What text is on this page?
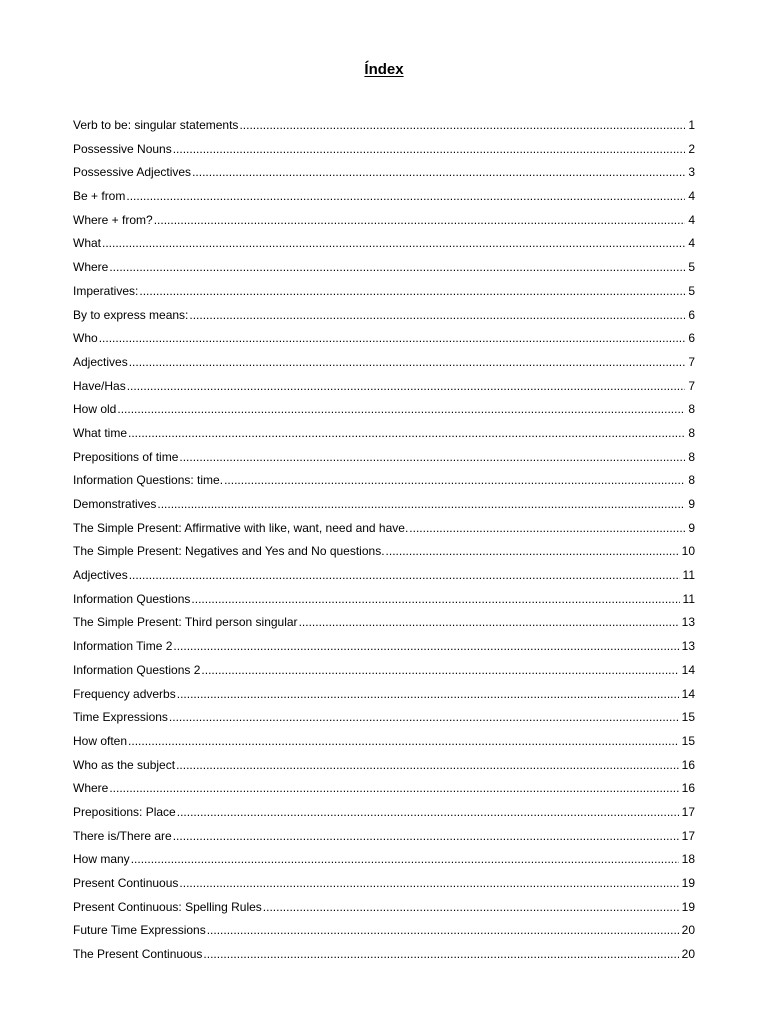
Índex
Verb to be: singular statements .....	1
Possessive Nouns .....	2
Possessive Adjectives .....	3
Be + from .....	4
Where + from? .....	4
What .....	4
Where .....	5
Imperatives: .....	5
By to express means: .....	6
Who .....	6
Adjectives .....	7
Have/Has .....	7
How old .....	8
What time .....	8
Prepositions of time .....	8
Information Questions: time. .....	8
Demonstratives .....	9
The Simple Present: Affirmative with like, want, need and have. .....	9
The Simple Present: Negatives and Yes and No questions. .....	10
Adjectives .....	11
Information Questions .....	11
The Simple Present: Third person singular .....	13
Information Time 2 .....	13
Information Questions 2 .....	14
Frequency adverbs .....	14
Time Expressions .....	15
How often .....	15
Who as the subject .....	16
Where .....	16
Prepositions: Place .....	17
There is/There are .....	17
How many .....	18
Present Continuous .....	19
Present Continuous: Spelling Rules .....	19
Future Time Expressions .....	20
The Present Continuous .....	20
